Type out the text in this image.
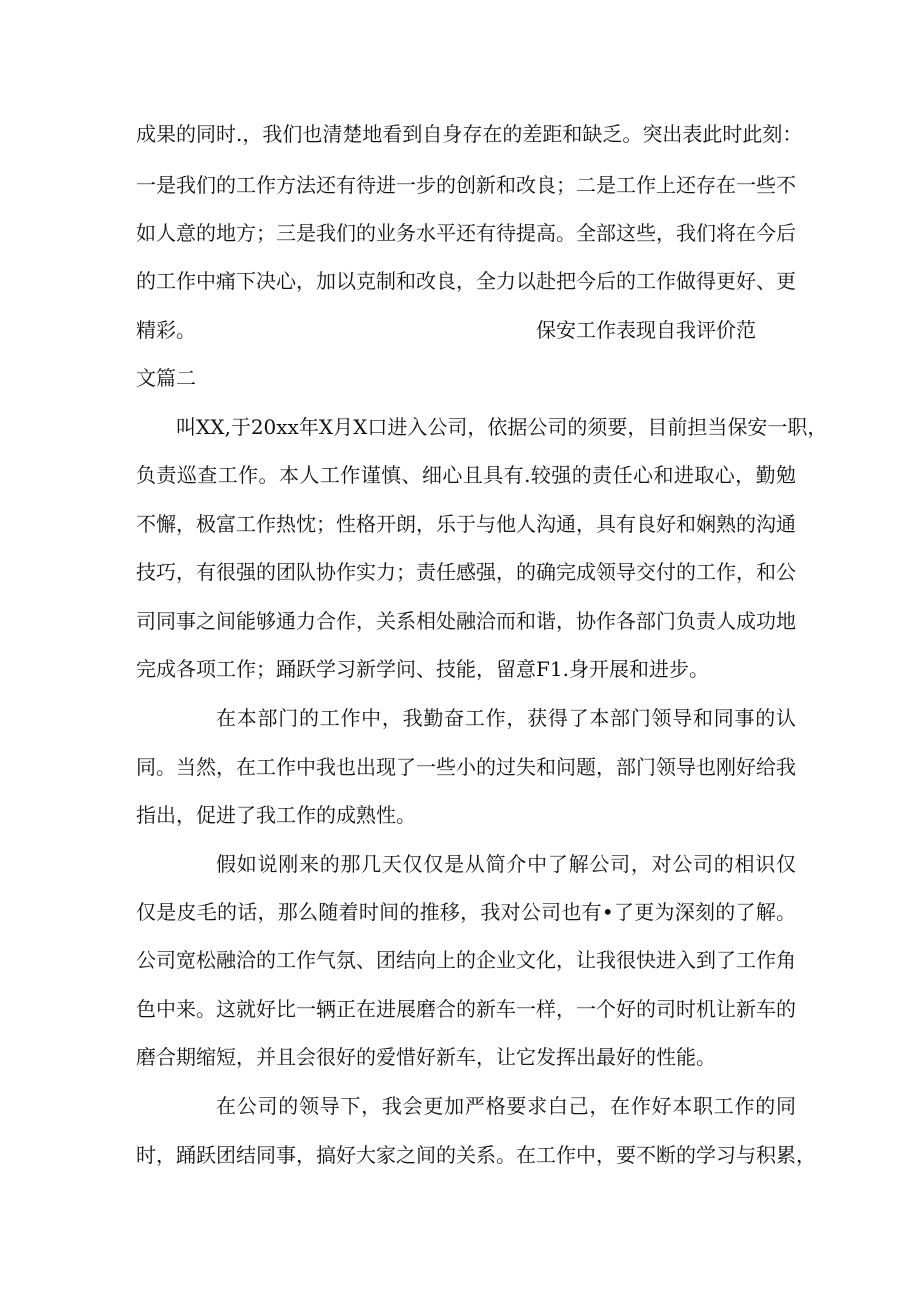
成果的同时.，我们也清楚地看到自身存在的差距和缺乏。突出表此时此刻：
一是我们的工作方法还有待进一步的创新和改良；二是工作上还存在一些不
如人意的地方；三是我们的业务水平还有待提高。全部这些，我们将在今后
的工作中痛下决心，加以克制和改良，全力以赴把今后的工作做得更好、更
精彩。	保安工作表现自我评价范
文篇二
叫XX,于20xx年X月X口进入公司，依据公司的须要，目前担当保安一职，
负责巡查工作。本人工作谨慎、细心且具有.较强的责任心和进取心，勤勉
不懈，极富工作热忱；性格开朗，乐于与他人沟通，具有良好和娴熟的沟通
技巧，有很强的团队协作实力；责任感强，的确完成领导交付的工作，和公
司同事之间能够通力合作，关系相处融洽而和谐，协作各部门负责人成功地
完成各项工作；踊跃学习新学问、技能，留意F1.身开展和进步。
在本部门的工作中，我勤奋工作，获得了本部门领导和同事的认
同。当然，在工作中我也出现了一些小的过失和问题，部门领导也刚好给我
指出，促进了我工作的成熟性。
假如说刚来的那几天仅仅是从简介中了解公司，对公司的相识仅
仅是皮毛的话，那么随着时间的推移，我对公司也有•了更为深刻的了解。
公司宽松融洽的工作气氛、团结向上的企业文化，让我很快进入到了工作角
色中来。这就好比一辆正在进展磨合的新车一样，一个好的司时机让新车的
磨合期缩短，并且会很好的爱惜好新车，让它发挥出最好的性能。
在公司的领导下，我会更加严格要求白己，在作好本职工作的同
时，踊跃团结同事，搞好大家之间的关系。在工作中，要不断的学习与积累，
